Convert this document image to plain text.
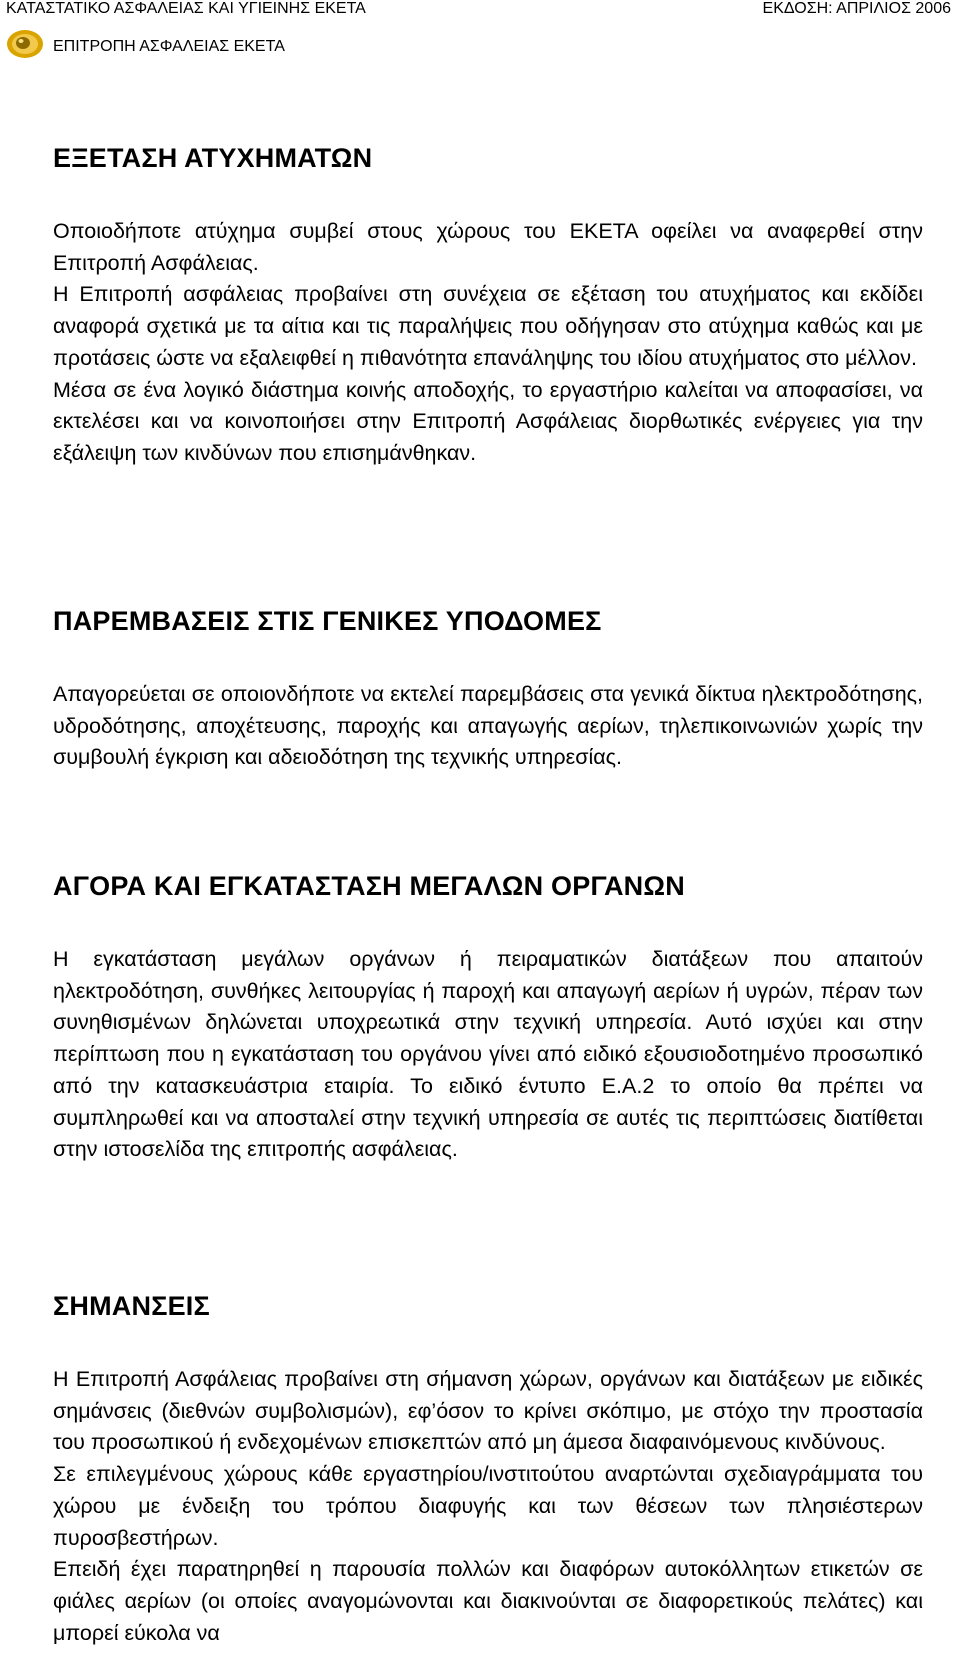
ΚΑΤΑΣΤΑΤΙΚΟ ΑΣΦΑΛΕΙΑΣ ΚΑΙ ΥΓΙΕΙΝΗΣ ΕΚΕΤΑ	ΕΚΔΟΣΗ: ΑΠΡΙΛΙΟΣ 2006
ΕΠΙΤΡΟΠΗ ΑΣΦΑΛΕΙΑΣ ΕΚΕΤΑ
ΕΞΕΤΑΣΗ ΑΤΥΧΗΜΑΤΩΝ

Οποιοδήποτε ατύχημα συμβεί στους χώρους του ΕΚΕΤΑ οφείλει να αναφερθεί στην Επιτροπή Ασφάλειας.

Η Επιτροπή ασφάλειας προβαίνει στη συνέχεια σε εξέταση του ατυχήματος και εκδίδει αναφορά σχετικά με τα αίτια και τις παραλήψεις που οδήγησαν στο ατύχημα καθώς και με προτάσεις ώστε να εξαλειφθεί η πιθανότητα επανάληψης του ιδίου ατυχήματος στο μέλλον.

Μέσα σε ένα λογικό διάστημα κοινής αποδοχής, το εργαστήριο καλείται να αποφασίσει, να εκτελέσει και να κοινοποιήσει στην Επιτροπή Ασφάλειας διορθωτικές ενέργειες για την εξάλειψη των κινδύνων που επισημάνθηκαν.

ΠΑΡΕΜΒΑΣΕΙΣ ΣΤΙΣ ΓΕΝΙΚΕΣ ΥΠΟΔΟΜΕΣ

Απαγορεύεται σε οποιονδήποτε να εκτελεί παρεμβάσεις στα γενικά δίκτυα ηλεκτροδότησης, υδροδότησης, αποχέτευσης, παροχής και απαγωγής αερίων, τηλεπικοινωνιών χωρίς την συμβουλή έγκριση και αδειοδότηση της τεχνικής υπηρεσίας.

ΑΓΟΡΑ ΚΑΙ ΕΓΚΑΤΑΣΤΑΣΗ ΜΕΓΑΛΩΝ ΟΡΓΑΝΩΝ

Η εγκατάσταση μεγάλων οργάνων ή πειραματικών διατάξεων που απαιτούν ηλεκτροδότηση, συνθήκες λειτουργίας ή παροχή και απαγωγή αερίων ή υγρών, πέραν των συνηθισμένων δηλώνεται υποχρεωτικά στην τεχνική υπηρεσία. Αυτό ισχύει και στην περίπτωση που η εγκατάσταση του οργάνου γίνει από ειδικό εξουσιοδοτημένο προσωπικό από την κατασκευάστρια εταιρία. Το ειδικό έντυπο Ε.Α.2 το οποίο θα πρέπει να συμπληρωθεί και να αποσταλεί στην τεχνική υπηρεσία σε αυτές τις περιπτώσεις διατίθεται στην ιστοσελίδα της επιτροπής ασφάλειας.

ΣΗΜΑΝΣΕΙΣ

Η Επιτροπή Ασφάλειας προβαίνει στη σήμανση χώρων, οργάνων και διατάξεων με ειδικές σημάνσεις (διεθνών συμβολισμών), εφ’όσον το κρίνει σκόπιμο, με στόχο την προστασία του προσωπικού ή ενδεχομένων επισκεπτών από μη άμεσα διαφαινόμενους κινδύνους.

Σε επιλεγμένους χώρους κάθε εργαστηρίου/ινστιτούτου αναρτώνται σχεδιαγράμματα του χώρου με ένδειξη του τρόπου διαφυγής και των θέσεων των πλησιέστερων πυροσβεστήρων.

Επειδή έχει παρατηρηθεί η παρουσία πολλών και διαφόρων αυτοκόλλητων ετικετών σε φιάλες αερίων (οι οποίες αναγομώνονται και διακινούνται σε διαφορετικούς πελάτες) και μπορεί εύκολα να
